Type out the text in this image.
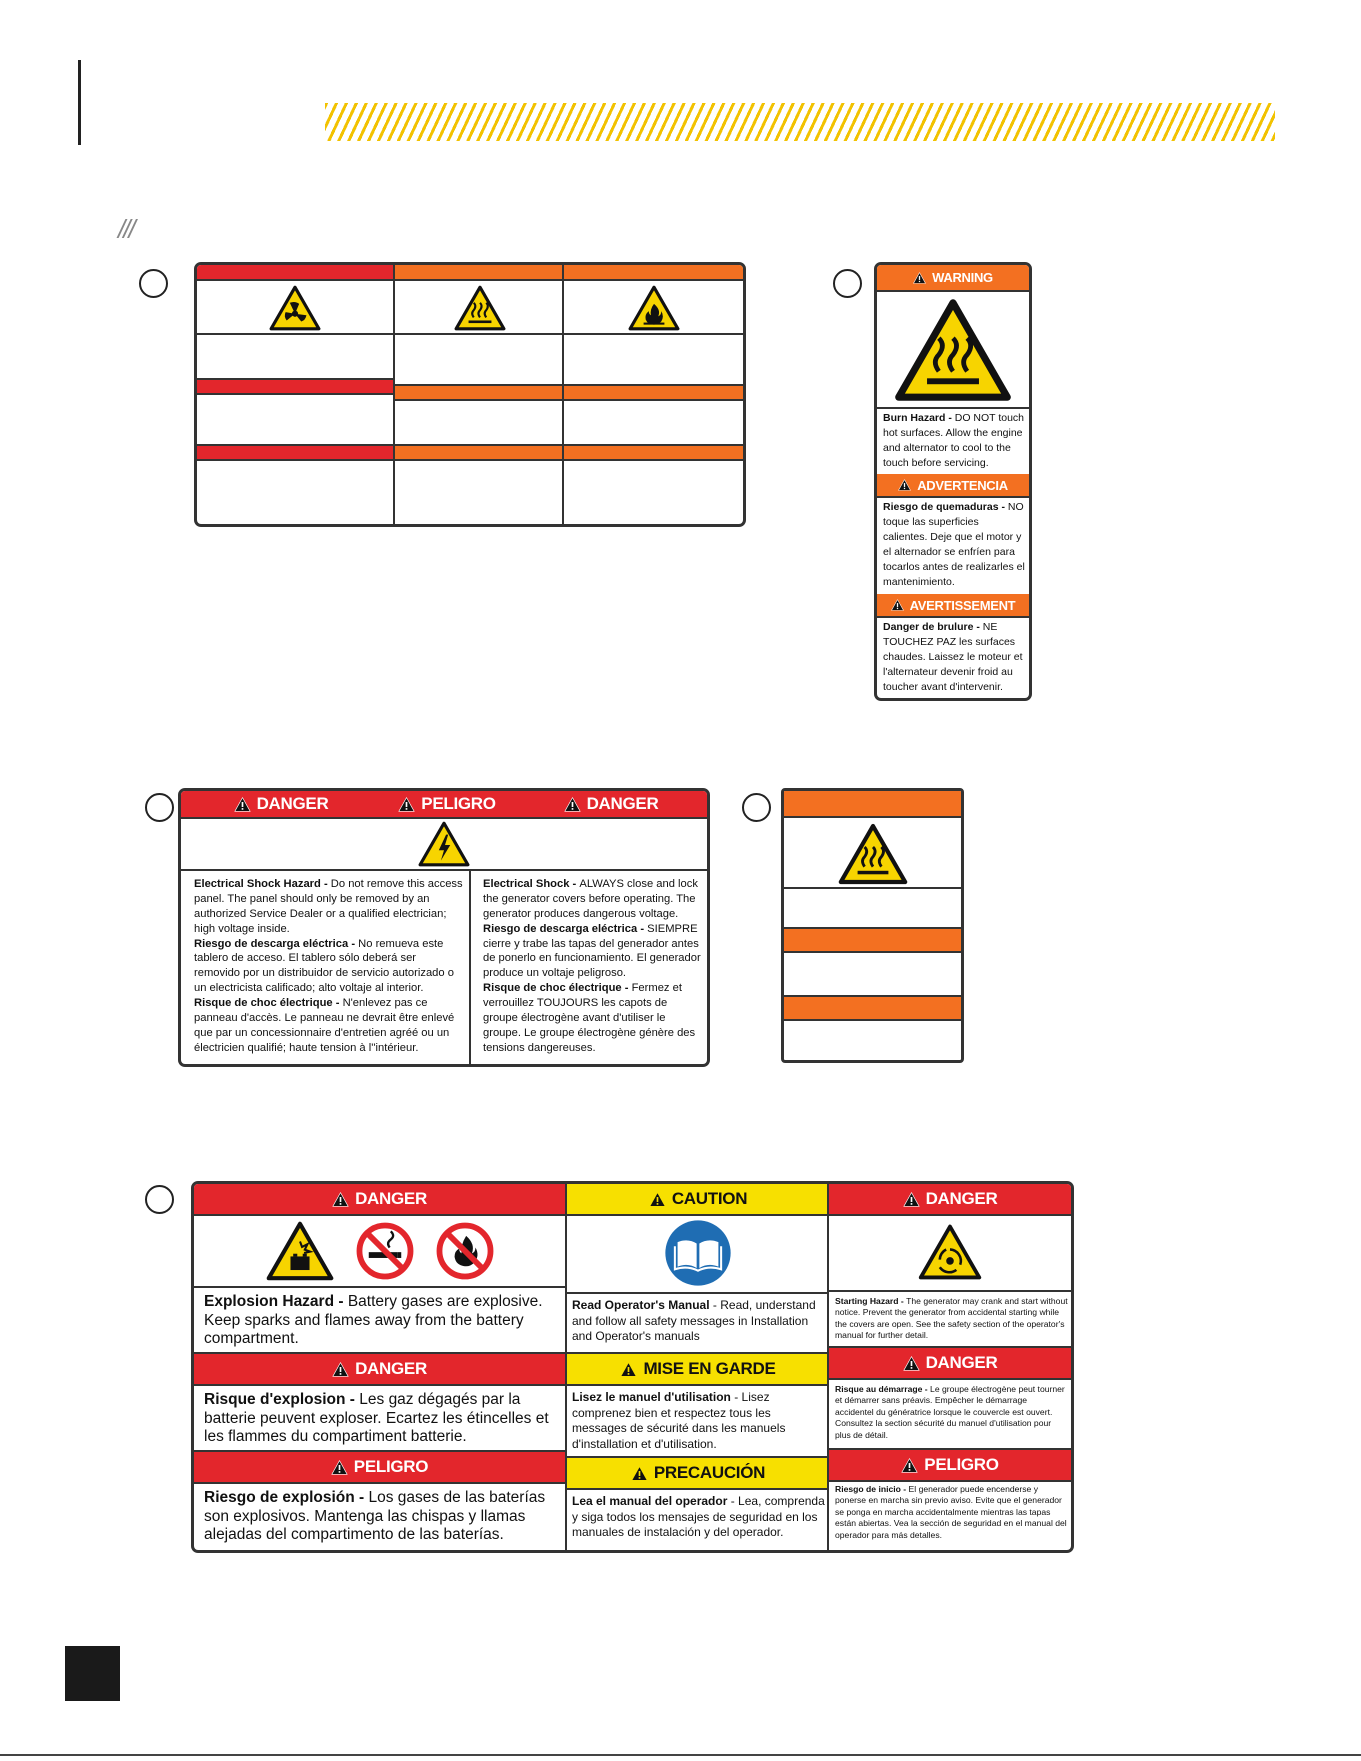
///
WARNING
Burn Hazard - DO NOT touch hot surfaces. Allow the engine and alternator to cool to the touch before servicing.
ADVERTENCIA
Riesgo de quemaduras - NO toque las superficies calientes. Deje que el motor y el alternador se enfríen para tocarlos antes de realizarles el mantenimiento.
AVERTISSEMENT
Danger de brulure - NE TOUCHEZ PAZ les surfaces chaudes. Laissez le moteur et l'alternateur devenir froid au toucher avant d'intervenir.
DANGER	PELIGRO	DANGER
Electrical Shock Hazard - Do not remove this access panel. The panel should only be removed by an authorized Service Dealer or a qualified electrician; high voltage inside.
Riesgo de descarga eléctrica - No remueva este tablero de acceso. El tablero sólo deberá ser removido por un distribuidor de servicio autorizado o un electricista calificado; alto voltaje al interior.
Risque de choc électrique - N'enlevez pas ce panneau d'accès. Le panneau ne devrait être enlevé que par un concessionnaire d'entretien agréé ou un électricien qualifié; haute tension à l''intérieur.
Electrical Shock - ALWAYS close and lock the generator covers before operating. The generator produces dangerous voltage.
Riesgo de descarga eléctrica - SIEMPRE cierre y trabe las tapas del generador antes de ponerlo en funcionamiento. El generador produce un voltaje peligroso.
Risque de choc électrique - Fermez et verrouillez TOUJOURS les capots de groupe électrogène avant d'utiliser le groupe. Le groupe électrogène génère des tensions dangereuses.
DANGER
Explosion Hazard - Battery gases are explosive. Keep sparks and flames away from the battery compartment.
DANGER
Risque d'explosion - Les gaz dégagés par la batterie peuvent exploser. Ecartez les étincelles et les flammes du compartiment batterie.
PELIGRO
Riesgo de explosión - Los gases de las baterías son explosivos. Mantenga las chispas y llamas alejadas del compartimento de las baterías.
CAUTION
Read Operator's Manual - Read, understand and follow all safety messages in Installation and Operator's manuals
MISE EN GARDE
Lisez le manuel d'utilisation - Lisez comprenez bien et respectez tous les messages de sécurité dans les manuels d'installation et d'utilisation.
PRECAUCIÓN
Lea el manual del operador - Lea, comprenda y siga todos los mensajes de seguridad en los manuales de instalación y del operador.
DANGER
Starting Hazard - The generator may crank and start without notice. Prevent the generator from accidental starting while the covers are open. See the safety section of the operator's manual for further detail.
DANGER
Risque au démarrage - Le groupe électrogène peut tourner et démarrer sans préavis. Empêcher le démarrage accidentel du génératrice lorsque le couvercle est ouvert. Consultez la section sécurité du manuel d'utilisation pour plus de détail.
PELIGRO
Riesgo de inicio - El generador puede encenderse y ponerse en marcha sin previo aviso. Evite que el generador se ponga en marcha accidentalmente mientras las tapas están abiertas. Vea la sección de seguridad en el manual del operador para más detalles.
